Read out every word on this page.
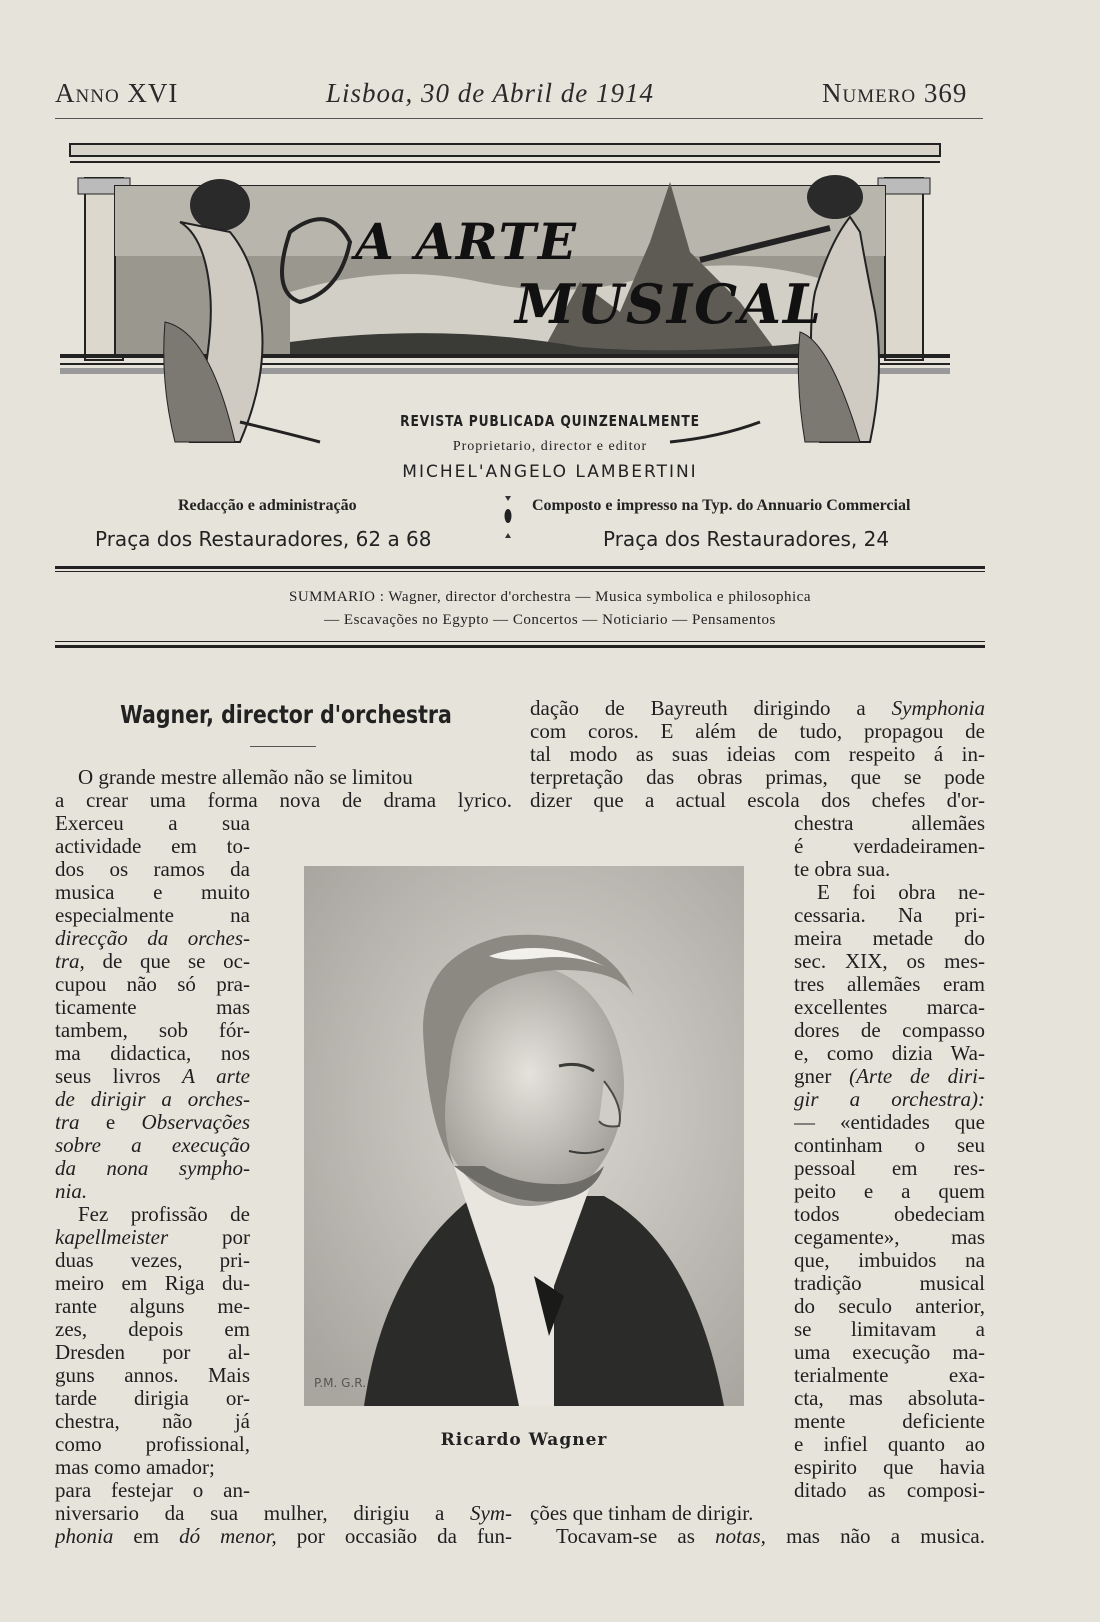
Anno XVI	Lisboa, 30 de Abril de 1914	Numero 369
A ARTE
MUSICAL
REVISTA PUBLICADA QUINZENALMENTE
Proprietario, director e editor
MICHEL'ANGELO LAMBERTINI
Redacção e administração
Praça dos Restauradores, 62 a 68
Composto e impresso na Typ. do Annuario Commercial
Praça dos Restauradores, 24
SUMMARIO : Wagner, director d'orchestra — Musica symbolica e philosophica
— Escavações no Egypto — Concertos — Noticiario — Pensamentos
Wagner, director d'orchestra
O grande mestre allemão não se limitou
a crear uma forma nova de drama lyrico.
Exerceu a sua
actividade em to-
dos os ramos da
musica e muito
especialmente na
direcção da orches-
tra, de que se oc-
cupou não só pra-
ticamente mas
tambem, sob fór-
ma didactica, nos
seus livros A arte
de dirigir a orches-
tra e Observações
sobre a execução
da nona sympho-
nia.
Fez profissão de
kapellmeister por
duas vezes, pri-
meiro em Riga du-
rante alguns me-
zes, depois em
Dresden por al-
guns annos. Mais
tarde dirigia or-
chestra, não já
como profissional,
mas como amador;
para festejar o an-
niversario da sua mulher, dirigiu a Sym-
phonia em dó menor, por occasião da fun-
dação de Bayreuth dirigindo a Symphonia
com coros. E além de tudo, propagou de
tal modo as suas ideias com respeito á in-
terpretação das obras primas, que se pode
dizer que a actual escola dos chefes d'or-
chestra allemães
é verdadeiramen-
te obra sua.
E foi obra ne-
cessaria. Na pri-
meira metade do
sec. XIX, os mes-
tres allemães eram
excellentes marca-
dores de compasso
e, como dizia Wa-
gner (Arte de diri-
gir a orchestra):
— «entidades que
continham o seu
pessoal em res-
peito e a quem
todos obedeciam
cegamente», mas
que, imbuidos na
tradição musical
do seculo anterior,
se limitavam a
uma execução ma-
terialmente exa-
cta, mas absoluta-
mente deficiente
e infiel quanto ao
espirito que havia
ditado as composi-
ções que tinham de dirigir.
Tocavam-se as notas, mas não a musica.
P.M. G.R.
Ricardo Wagner
